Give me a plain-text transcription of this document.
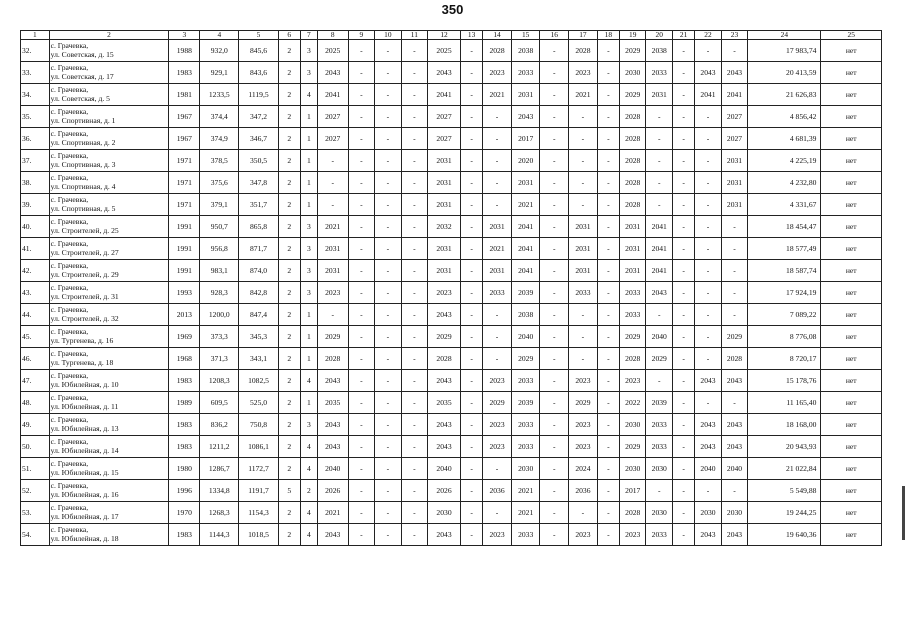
350
1	2	3	4	5	6	7	8	9	10	11	12	13	14	15	16	17	18	19	20	21	22	23	24	25
32.	с. Грачевка,
ул. Советская, д. 15	1988	932,0	845,6	2	3	2025	-	-	-	2025	-	2028	2038	-	2028	-	2029	2038	-	-	-	17 983,74	нет
33.	с. Грачевка,
ул. Советская, д. 17	1983	929,1	843,6	2	3	2043	-	-	-	2043	-	2023	2033	-	2023	-	2030	2033	-	2043	2043	20 413,59	нет
34.	с. Грачевка,
ул. Советская, д. 5	1981	1233,5	1119,5	2	4	2041	-	-	-	2041	-	2021	2031	-	2021	-	2029	2031	-	2041	2041	21 626,83	нет
35.	с. Грачевка,
ул. Спортивная, д. 1	1967	374,4	347,2	2	1	2027	-	-	-	2027	-	-	2043	-	-	-	2028	-	-	-	2027	4 856,42	нет
36.	с. Грачевка,
ул. Спортивная, д. 2	1967	374,9	346,7	2	1	2027	-	-	-	2027	-	-	2017	-	-	-	2028	-	-	-	2027	4 681,39	нет
37.	с. Грачевка,
ул. Спортивная, д. 3	1971	378,5	350,5	2	1	-	-	-	-	2031	-	-	2020	-	-	-	2028	-	-	-	2031	4 225,19	нет
38.	с. Грачевка,
ул. Спортивная, д. 4	1971	375,6	347,8	2	1	-	-	-	-	2031	-	-	2031	-	-	-	2028	-	-	-	2031	4 232,80	нет
39.	с. Грачевка,
ул. Спортивная, д. 5	1971	379,1	351,7	2	1	-	-	-	-	2031	-	-	2021	-	-	-	2028	-	-	-	2031	4 331,67	нет
40.	с. Грачевка,
ул. Строителей, д. 25	1991	950,7	865,8	2	3	2021	-	-	-	2032	-	2031	2041	-	2031	-	2031	2041	-	-	-	18 454,47	нет
41.	с. Грачевка,
ул. Строителей, д. 27	1991	956,8	871,7	2	3	2031	-	-	-	2031	-	2021	2041	-	2031	-	2031	2041	-	-	-	18 577,49	нет
42.	с. Грачевка,
ул. Строителей, д. 29	1991	983,1	874,0	2	3	2031	-	-	-	2031	-	2031	2041	-	2031	-	2031	2041	-	-	-	18 587,74	нет
43.	с. Грачевка,
ул. Строителей, д. 31	1993	928,3	842,8	2	3	2023	-	-	-	2023	-	2033	2039	-	2033	-	2033	2043	-	-	-	17 924,19	нет
44.	с. Грачевка,
ул. Строителей, д. 32	2013	1200,0	847,4	2	1	-	-	-	-	2043	-	-	2038	-	-	-	2033	-	-	-	-	7 089,22	нет
45.	с. Грачевка,
ул. Тургенева, д. 16	1969	373,3	345,3	2	1	2029	-	-	-	2029	-	-	2040	-	-	-	2029	2040	-	-	2029	8 776,08	нет
46.	с. Грачевка,
ул. Тургенева, д. 18	1968	371,3	343,1	2	1	2028	-	-	-	2028	-	-	2029	-	-	-	2028	2029	-	-	2028	8 720,17	нет
47.	с. Грачевка,
ул. Юбилейная, д. 10	1983	1208,3	1082,5	2	4	2043	-	-	-	2043	-	2023	2033	-	2023	-	2023	-	-	2043	2043	15 178,76	нет
48.	с. Грачевка,
ул. Юбилейная, д. 11	1989	609,5	525,0	2	1	2035	-	-	-	2035	-	2029	2039	-	2029	-	2022	2039	-	-	-	11 165,40	нет
49.	с. Грачевка,
ул. Юбилейная, д. 13	1983	836,2	750,8	2	3	2043	-	-	-	2043	-	2023	2033	-	2023	-	2030	2033	-	2043	2043	18 168,00	нет
50.	с. Грачевка,
ул. Юбилейная, д. 14	1983	1211,2	1086,1	2	4	2043	-	-	-	2043	-	2023	2033	-	2023	-	2029	2033	-	2043	2043	20 943,93	нет
51.	с. Грачевка,
ул. Юбилейная, д. 15	1980	1286,7	1172,7	2	4	2040	-	-	-	2040	-	-	2030	-	2024	-	2030	2030	-	2040	2040	21 022,84	нет
52.	с. Грачевка,
ул. Юбилейная, д. 16	1996	1334,8	1191,7	5	2	2026	-	-	-	2026	-	2036	2021	-	2036	-	2017	-	-	-	-	5 549,88	нет
53.	с. Грачевка,
ул. Юбилейная, д. 17	1970	1268,3	1154,3	2	4	2021	-	-	-	2030	-	-	2021	-	-	-	2028	2030	-	2030	2030	19 244,25	нет
54.	с. Грачевка,
ул. Юбилейная, д. 18	1983	1144,3	1018,5	2	4	2043	-	-	-	2043	-	2023	2033	-	2023	-	2023	2033	-	2043	2043	19 640,36	нет
